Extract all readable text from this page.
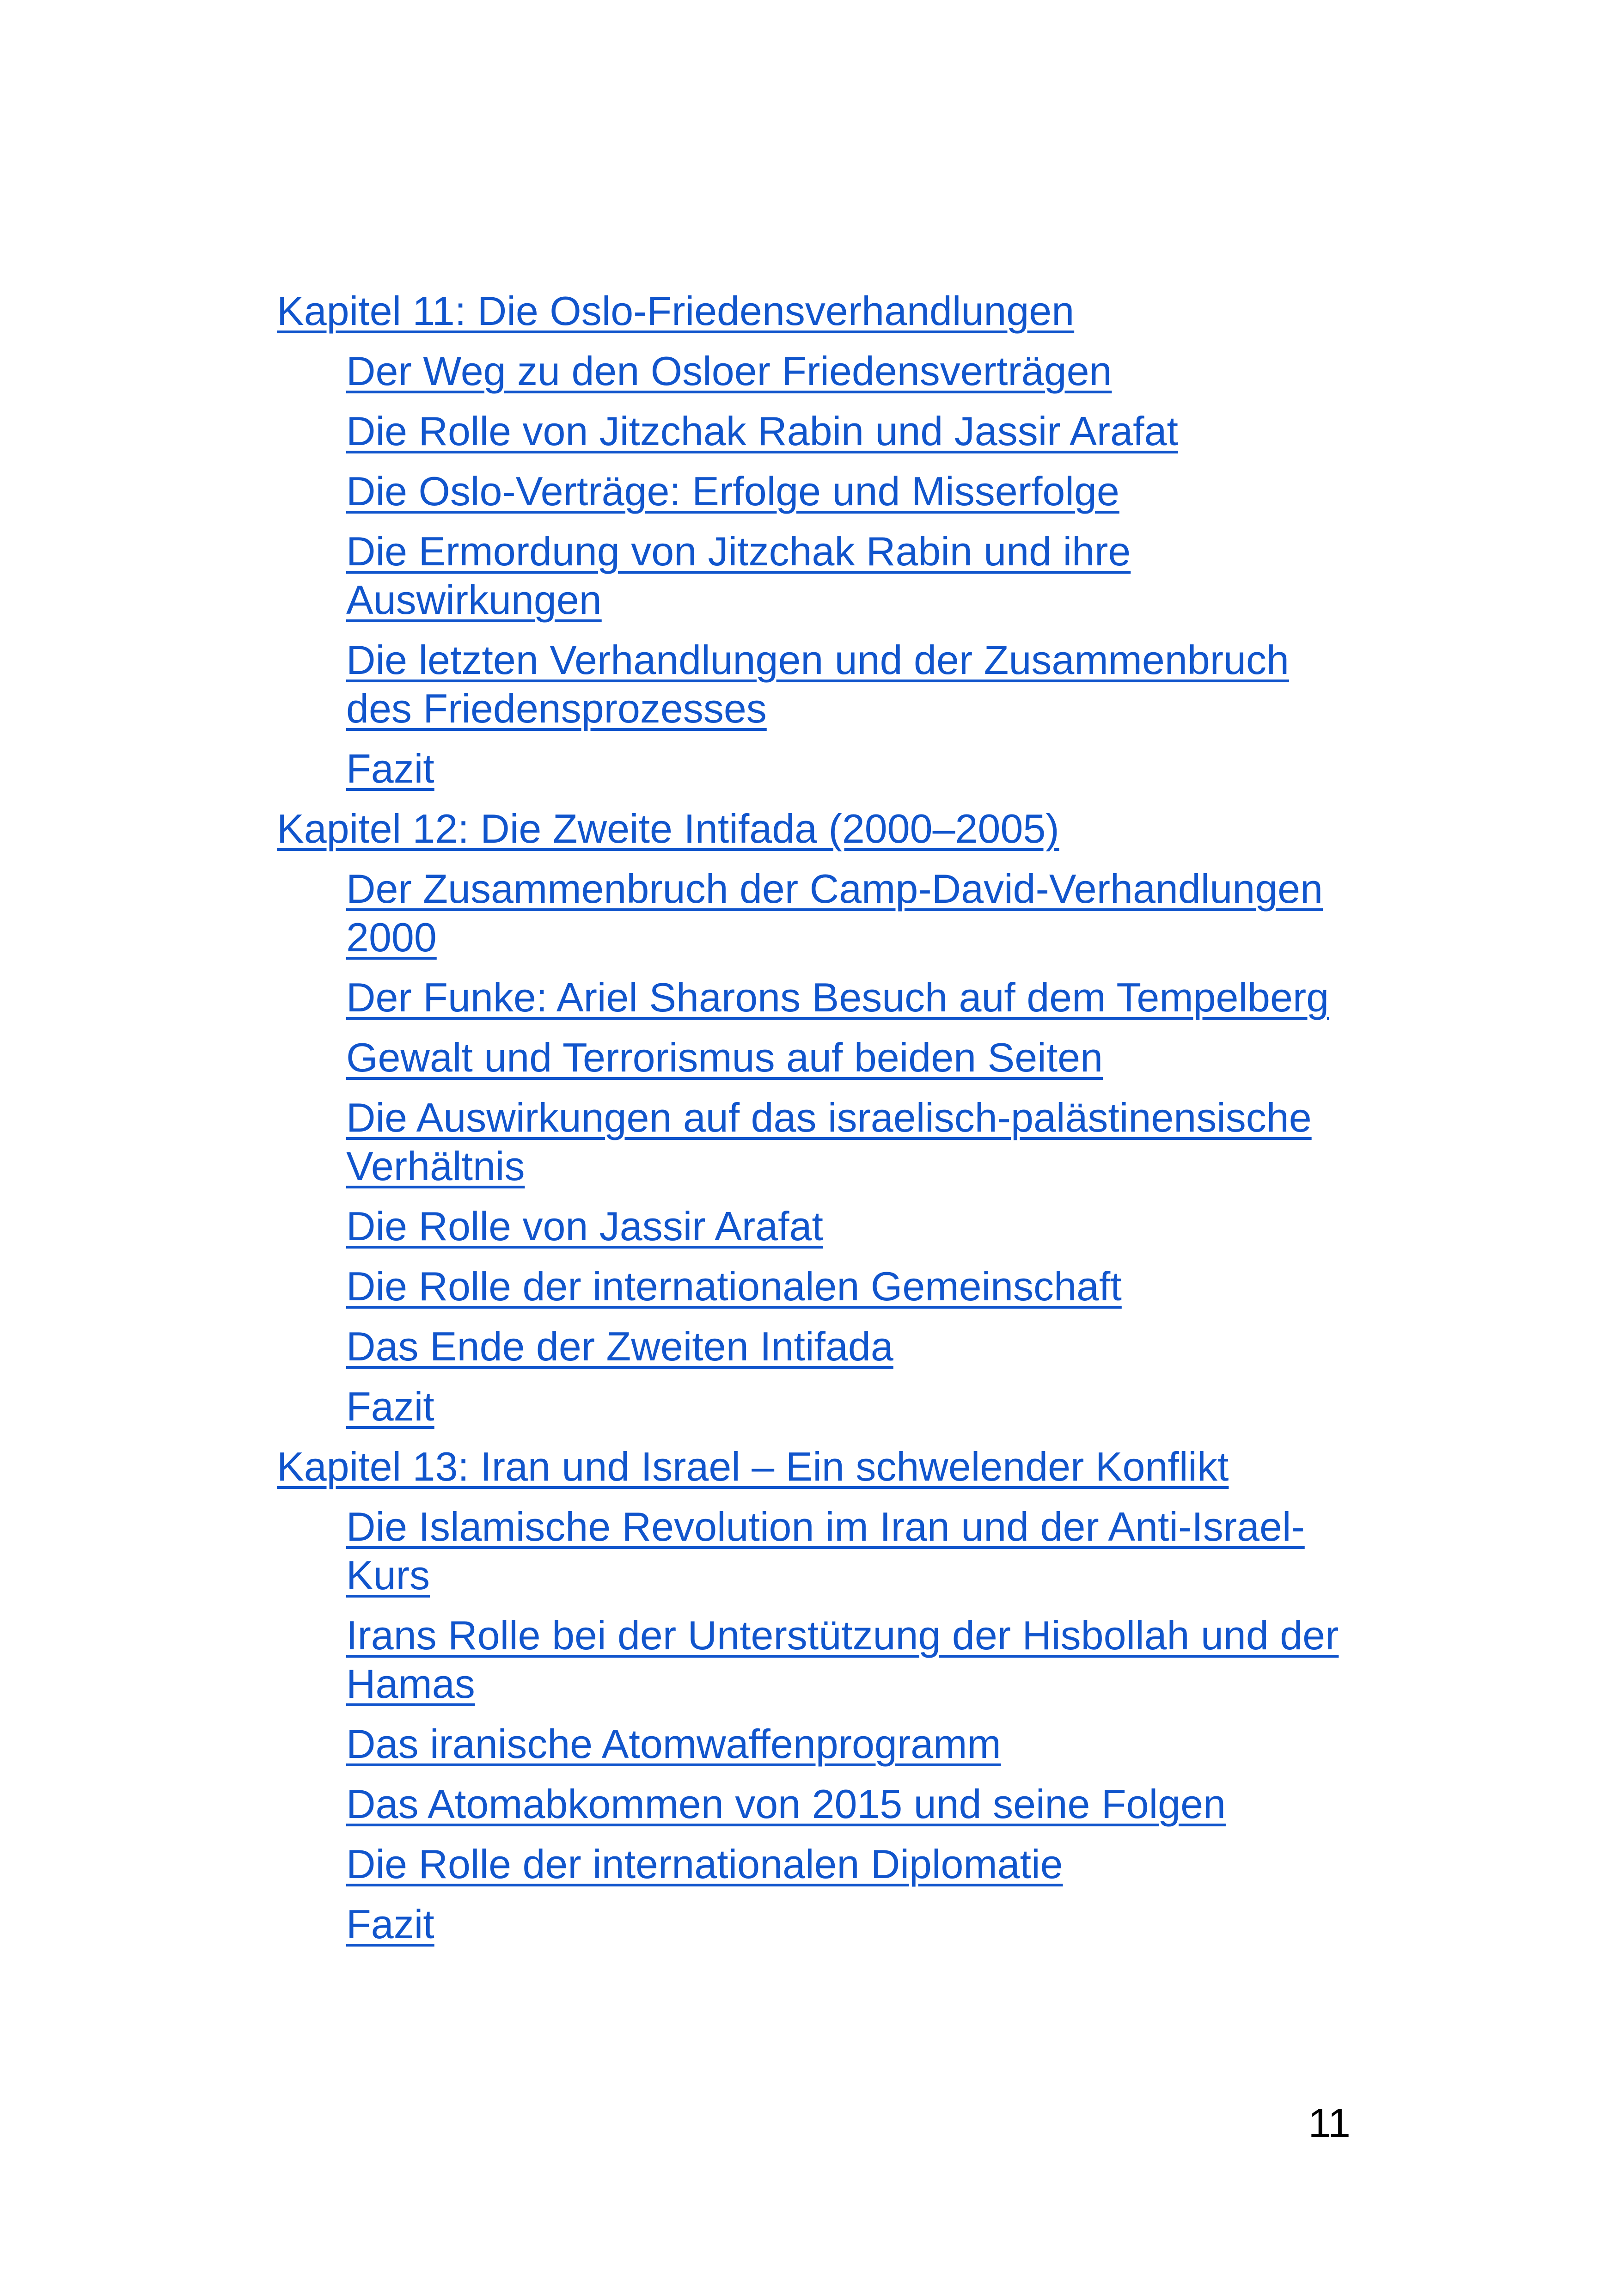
Kapitel 11: Die Oslo-Friedensverhandlungen
Der Weg zu den Osloer Friedensverträgen
Die Rolle von Jitzchak Rabin und Jassir Arafat
Die Oslo-Verträge: Erfolge und Misserfolge
Die Ermordung von Jitzchak Rabin und ihre Auswirkungen
Die letzten Verhandlungen und der Zusammenbruch des Friedensprozesses
Fazit
Kapitel 12: Die Zweite Intifada (2000–2005)
Der Zusammenbruch der Camp-David-Verhandlungen 2000
Der Funke: Ariel Sharons Besuch auf dem Tempelberg
Gewalt und Terrorismus auf beiden Seiten
Die Auswirkungen auf das israelisch-palästinensische Verhältnis
Die Rolle von Jassir Arafat
Die Rolle der internationalen Gemeinschaft
Das Ende der Zweiten Intifada
Fazit
Kapitel 13: Iran und Israel – Ein schwelender Konflikt
Die Islamische Revolution im Iran und der Anti-Israel-Kurs
Irans Rolle bei der Unterstützung der Hisbollah und der Hamas
Das iranische Atomwaffenprogramm
Das Atomabkommen von 2015 und seine Folgen
Die Rolle der internationalen Diplomatie
Fazit
11
